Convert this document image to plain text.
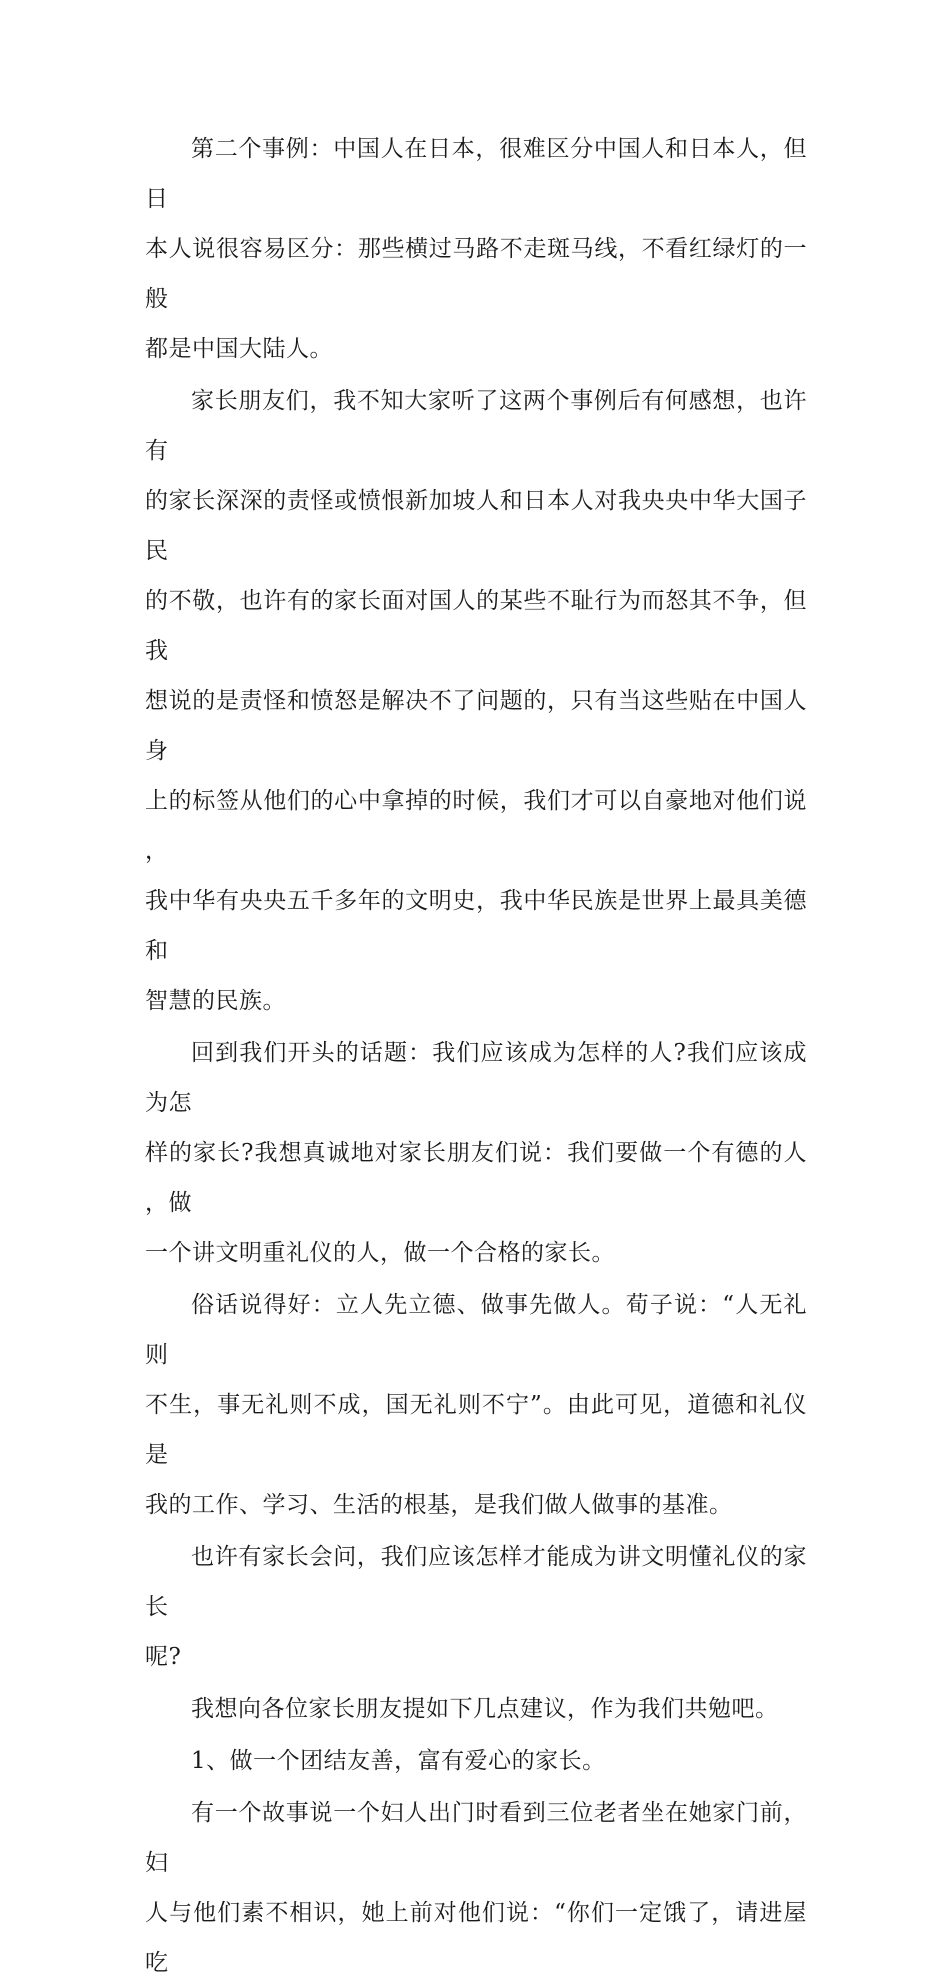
第二个事例：中国人在日本，很难区分中国人和日本人，但日
本人说很容易区分：那些横过马路不走斑马线，不看红绿灯的一般
都是中国大陆人。

家长朋友们，我不知大家听了这两个事例后有何感想，也许有
的家长深深的责怪或愤恨新加坡人和日本人对我央央中华大国子民
的不敬，也许有的家长面对国人的某些不耻行为而怒其不争，但我
想说的是责怪和愤怒是解决不了问题的，只有当这些贴在中国人身
上的标签从他们的心中拿掉的时候，我们才可以自豪地对他们说，
我中华有央央五千多年的文明史，我中华民族是世界上最具美德和
智慧的民族。

回到我们开头的话题：我们应该成为怎样的人?我们应该成为怎
样的家长?我想真诚地对家长朋友们说：我们要做一个有德的人，做
一个讲文明重礼仪的人，做一个合格的家长。

俗话说得好：立人先立德、做事先做人。荀子说：“人无礼则
不生，事无礼则不成，国无礼则不宁”。由此可见，道德和礼仪是
我的工作、学习、生活的根基，是我们做人做事的基准。

也许有家长会问，我们应该怎样才能成为讲文明懂礼仪的家长
呢?

我想向各位家长朋友提如下几点建议，作为我们共勉吧。

1、做一个团结友善，富有爱心的家长。

有一个故事说一个妇人出门时看到三位老者坐在她家门前，妇
人与他们素不相识，她上前对他们说：“你们一定饿了，请进屋吃
